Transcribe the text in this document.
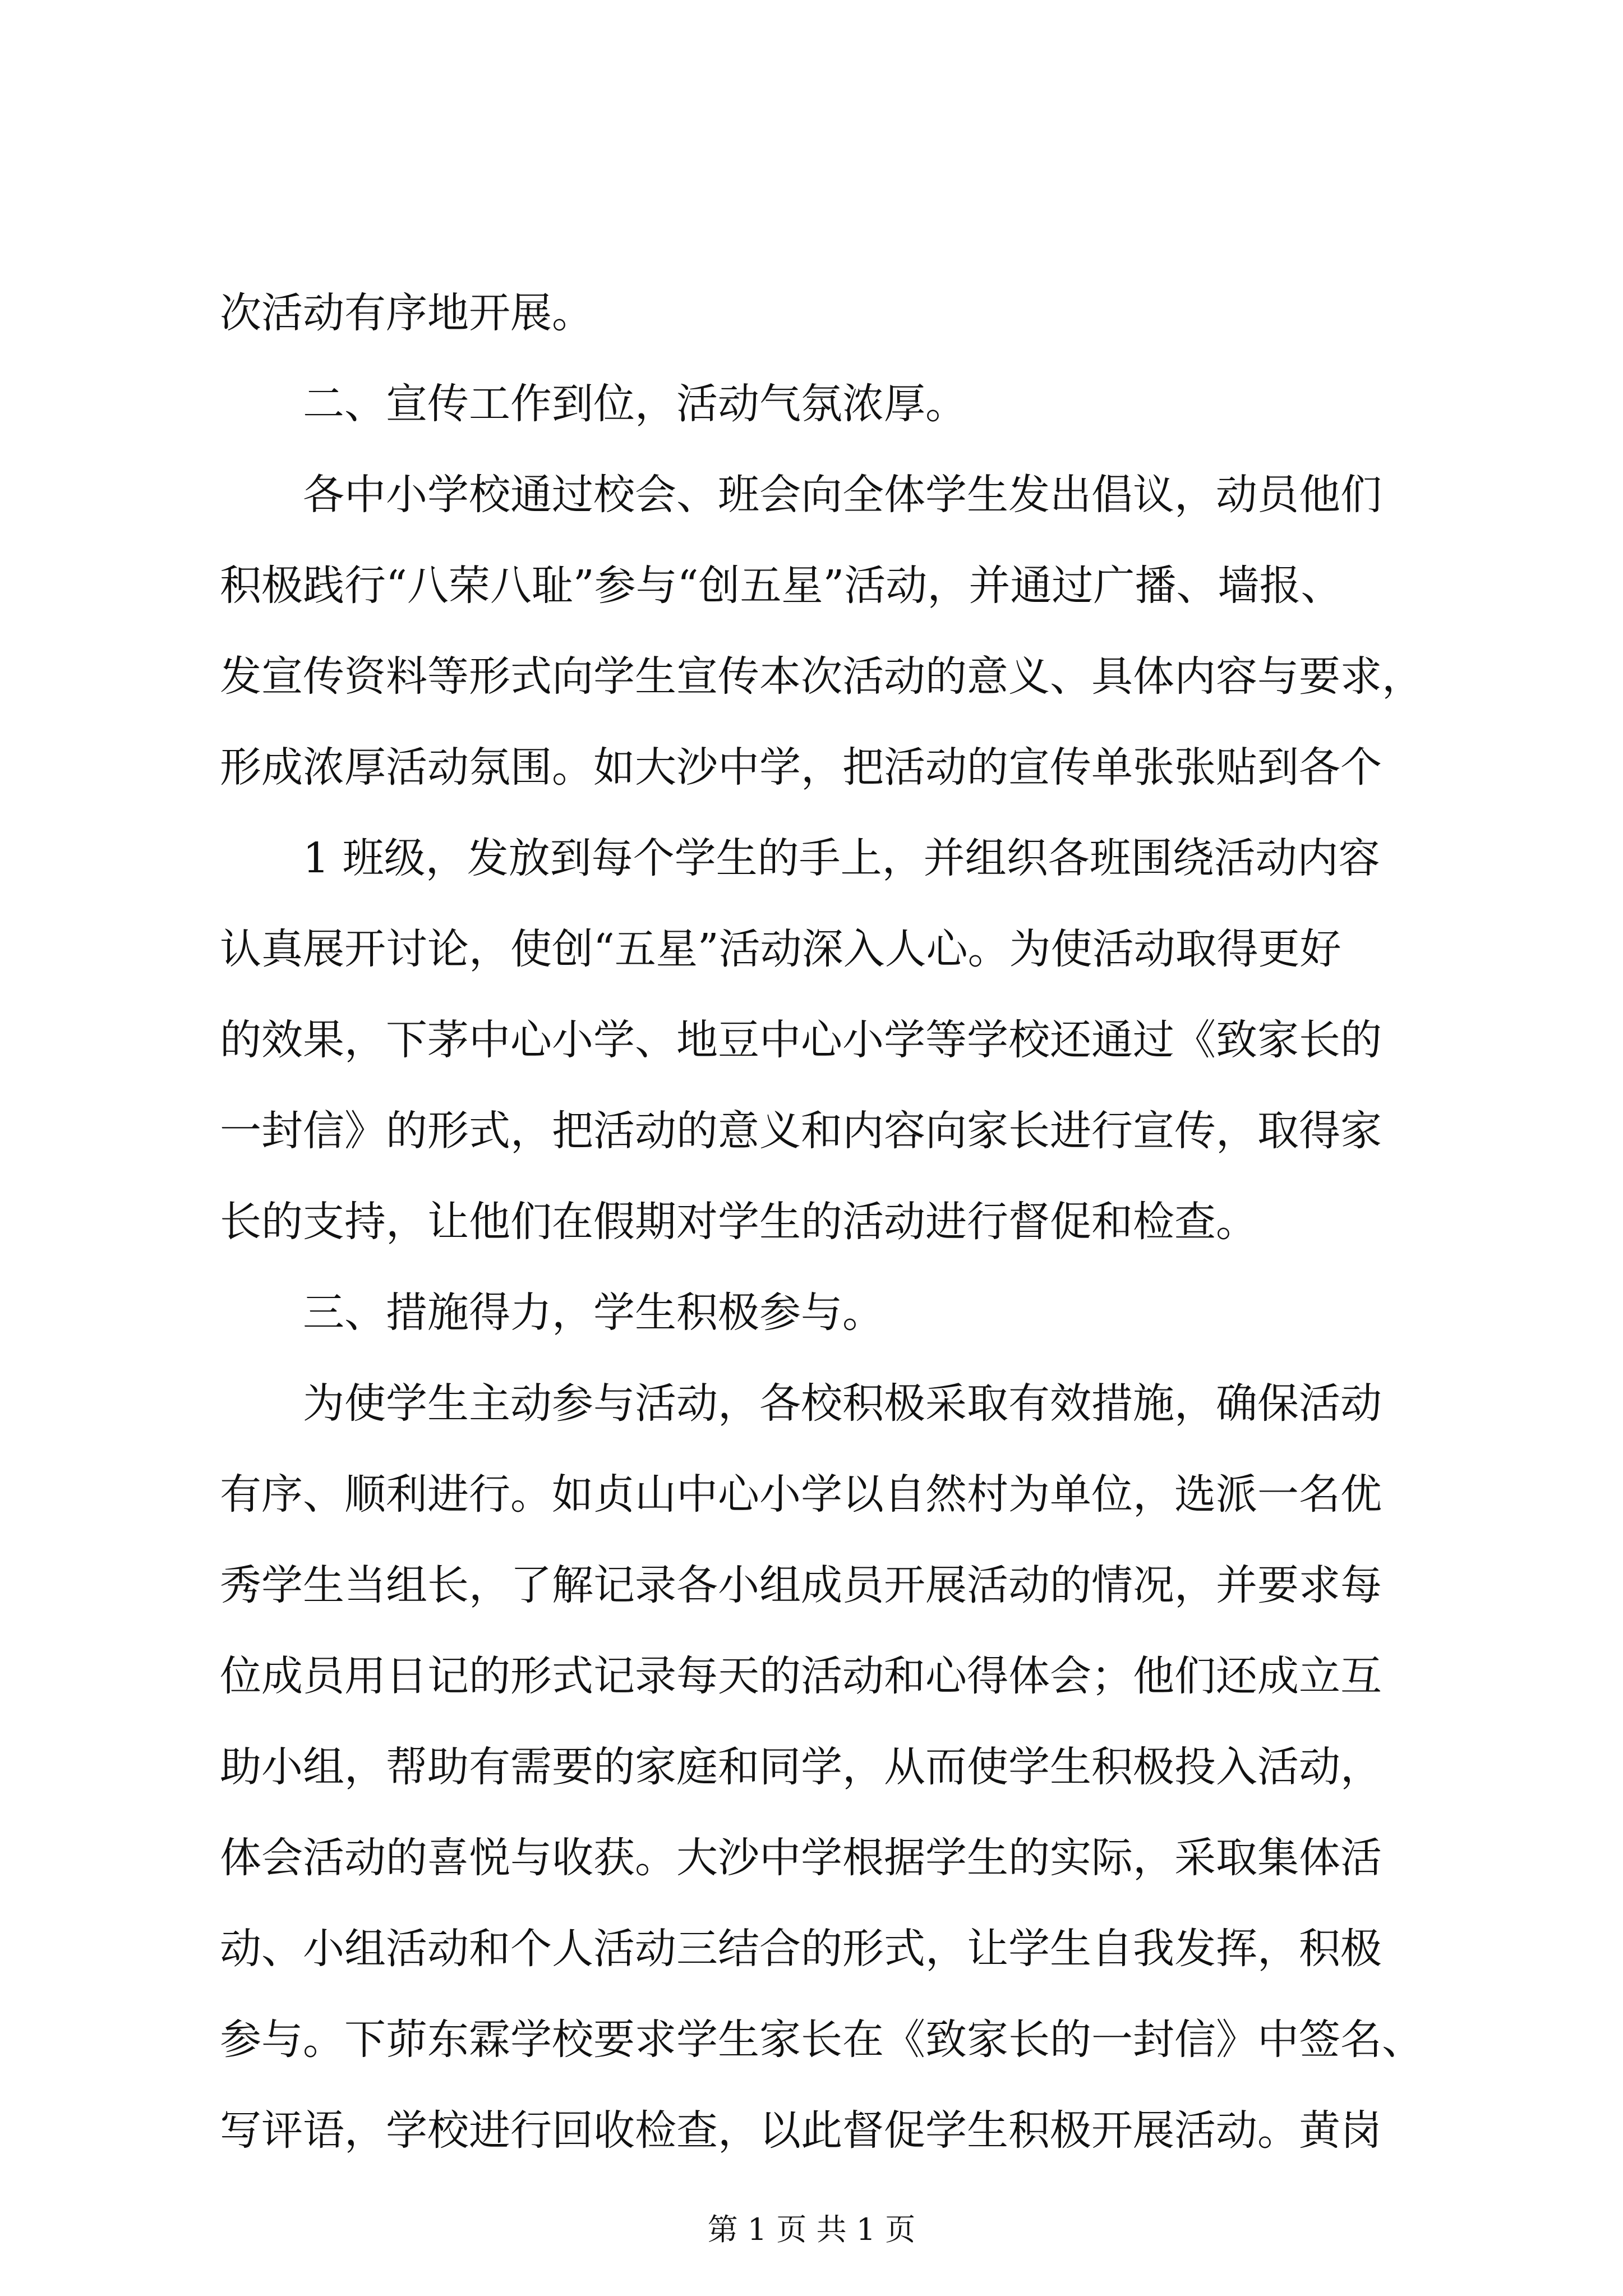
次活动有序地开展。
二、宣传工作到位，活动气氛浓厚。
各中小学校通过校会、班会向全体学生发出倡议，动员他们
积极践行“八荣八耻”参与“创五星”活动，并通过广播、墙报、
发宣传资料等形式向学生宣传本次活动的意义、具体内容与要求，
形成浓厚活动氛围。如大沙中学，把活动的宣传单张张贴到各个
1 班级，发放到每个学生的手上，并组织各班围绕活动内容
认真展开讨论，使创“五星”活动深入人心。为使活动取得更好
的效果，下茅中心小学、地豆中心小学等学校还通过《致家长的
一封信》的形式，把活动的意义和内容向家长进行宣传，取得家
长的支持，让他们在假期对学生的活动进行督促和检查。
三、措施得力，学生积极参与。
为使学生主动参与活动，各校积极采取有效措施，确保活动
有序、顺利进行。如贞山中心小学以自然村为单位，选派一名优
秀学生当组长，了解记录各小组成员开展活动的情况，并要求每
位成员用日记的形式记录每天的活动和心得体会；他们还成立互
助小组，帮助有需要的家庭和同学，从而使学生积极投入活动，
体会活动的喜悦与收获。大沙中学根据学生的实际，采取集体活
动、小组活动和个人活动三结合的形式，让学生自我发挥，积极
参与。下茆东霖学校要求学生家长在《致家长的一封信》中签名、
写评语，学校进行回收检查，以此督促学生积极开展活动。黄岗
第 1 页 共 1 页
